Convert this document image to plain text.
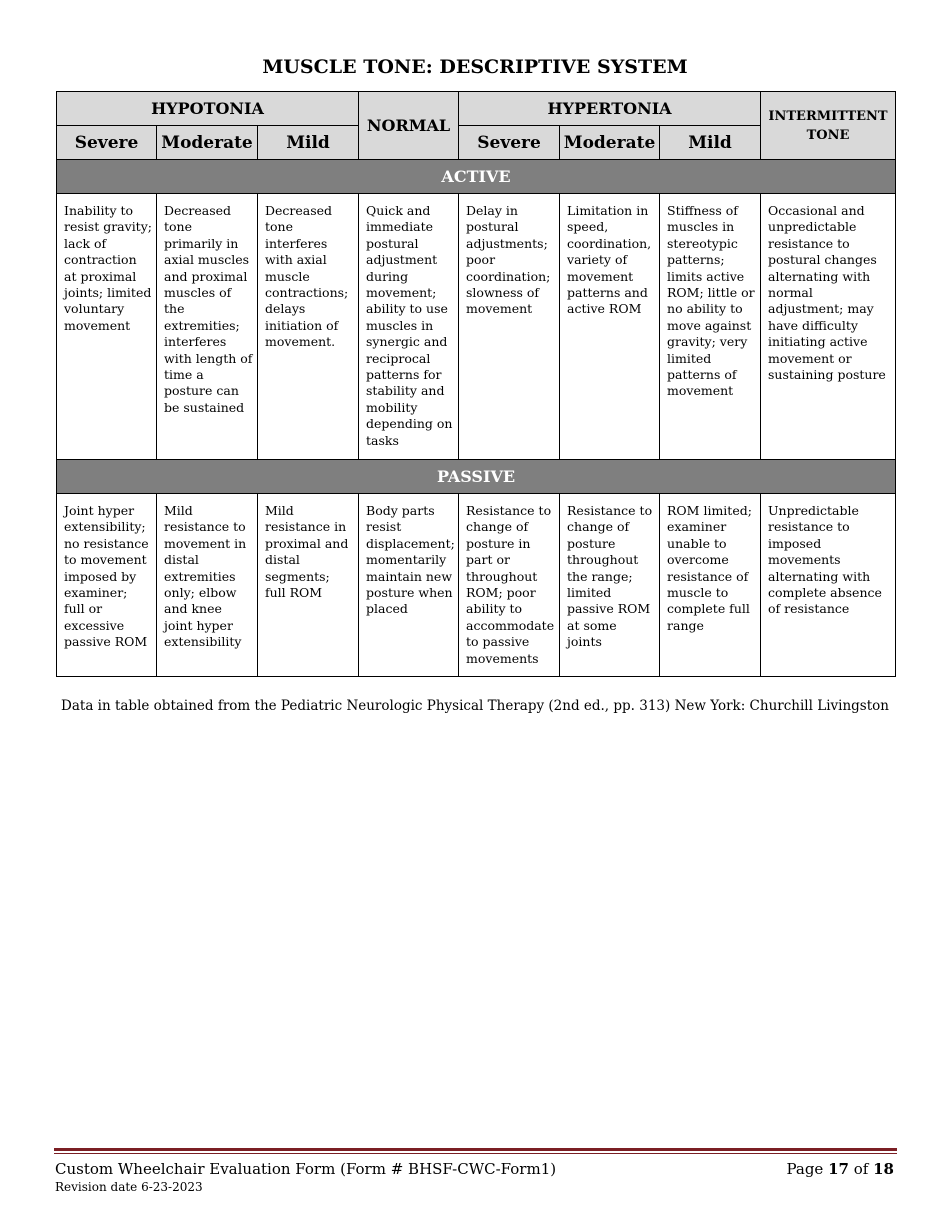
MUSCLE TONE: DESCRIPTIVE SYSTEM
HYPOTONIA			NORMAL	HYPERTONIA			INTERMITTENT TONE
Severe	Moderate	Mild		Severe	Moderate	Mild	
ACTIVE							
Inability to resist gravity; lack of contraction at proximal joints; limited voluntary movement	Decreased tone primarily in axial muscles and proximal muscles of the extremities; interferes with length of time a posture can be sustained	Decreased tone interferes with axial muscle contractions; delays initiation of movement.	Quick and immediate postural adjustment during movement; ability to use muscles in synergic and reciprocal patterns for stability and mobility depending on tasks	Delay in postural adjustments; poor coordination; slowness of movement	Limitation in speed, coordination, variety of movement patterns and active ROM	Stiffness of muscles in stereotypic patterns; limits active ROM; little or no ability to move against gravity; very limited patterns of movement	Occasional and unpredictable resistance to postural changes alternating with normal adjustment; may have difficulty initiating active movement or sustaining posture
PASSIVE							
Joint hyper extensibility; no resistance to movement imposed by examiner; full or excessive passive ROM	Mild resistance to movement in distal extremities only; elbow and knee joint hyper extensibility	Mild resistance in proximal and distal segments; full ROM	Body parts resist displacement; momentarily maintain new posture when placed	Resistance to change of posture in part or throughout ROM; poor ability to accommodate to passive movements	Resistance to change of posture throughout the range; limited passive ROM at some joints	ROM limited; examiner unable to overcome resistance of muscle to complete full range	Unpredictable resistance to imposed movements alternating with complete absence of resistance
Data in table obtained from the Pediatric Neurologic Physical Therapy (2nd ed., pp. 313) New York: Churchill Livingston
Custom Wheelchair Evaluation Form (Form # BHSF-CWC-Form1)
Revision date 6-23-2023
Page 17 of 18
